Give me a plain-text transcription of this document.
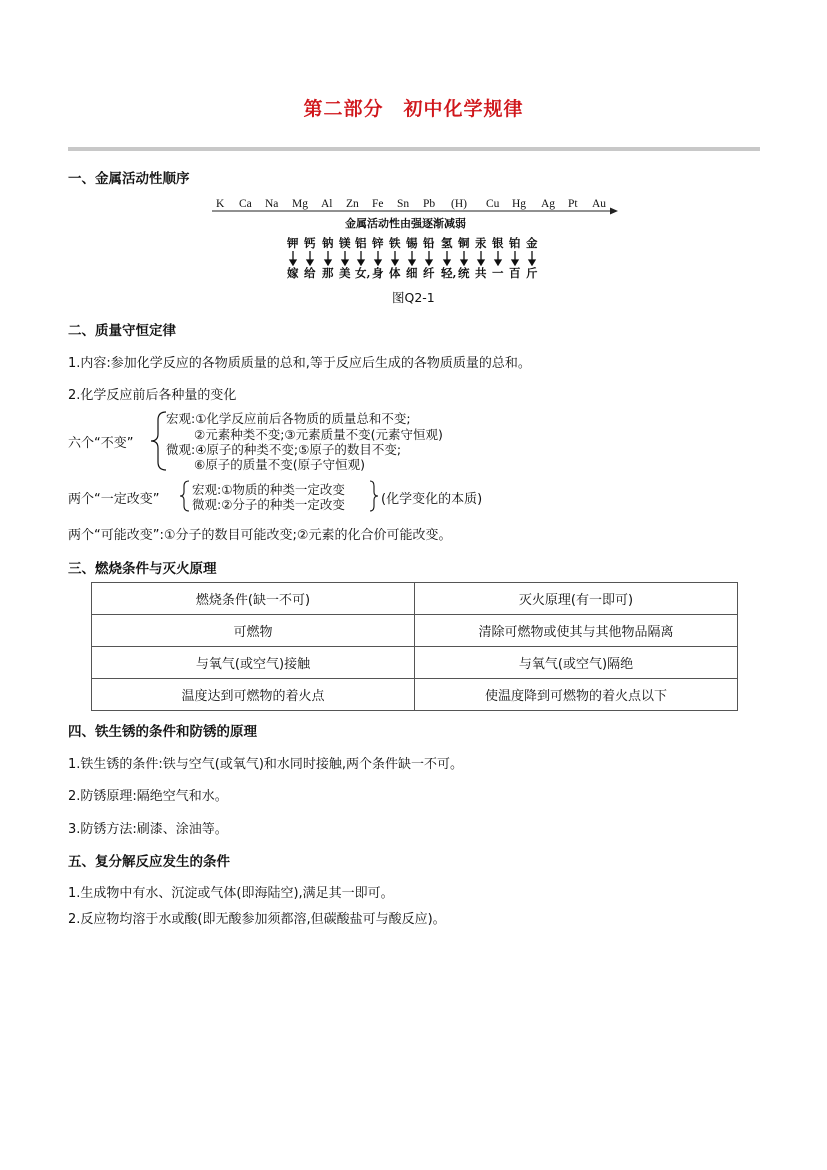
第二部分　初中化学规律
一、金属活动性顺序
K Ca Na Mg Al Zn Fe Sn Pb (H) Cu Hg Ag Pt Au
金属活动性由强逐渐减弱
钾 钙 钠 镁 铝 锌 铁 锡 铅 氢 铜 汞 银 铂 金
嫁 给 那 美 女, 身 体 细 纤 轻, 统 共 一 百 斤
图Q2-1
二、质量守恒定律
1.内容:参加化学反应的各物质质量的总和,等于反应后生成的各物质质量的总和。
2.化学反应前后各种量的变化
六个“不变”
宏观:①化学反应前后各物质的质量总和不变;
②元素种类不变;③元素质量不变(元素守恒观)
微观:④原子的种类不变;⑤原子的数目不变;
⑥原子的质量不变(原子守恒观)
两个“一定改变”
宏观:①物质的种类一定改变
微观:②分子的种类一定改变	(化学变化的本质)
两个“可能改变”:①分子的数目可能改变;②元素的化合价可能改变。
三、燃烧条件与灭火原理
燃烧条件(缺一不可)	灭火原理(有一即可)
可燃物	清除可燃物或使其与其他物品隔离
与氧气(或空气)接触	与氧气(或空气)隔绝
温度达到可燃物的着火点	使温度降到可燃物的着火点以下
四、铁生锈的条件和防锈的原理
1.铁生锈的条件:铁与空气(或氧气)和水同时接触,两个条件缺一不可。
2.防锈原理:隔绝空气和水。
3.防锈方法:刷漆、涂油等。
五、复分解反应发生的条件
1.生成物中有水、沉淀或气体(即海陆空),满足其一即可。
2.反应物均溶于水或酸(即无酸参加须都溶,但碳酸盐可与酸反应)。
